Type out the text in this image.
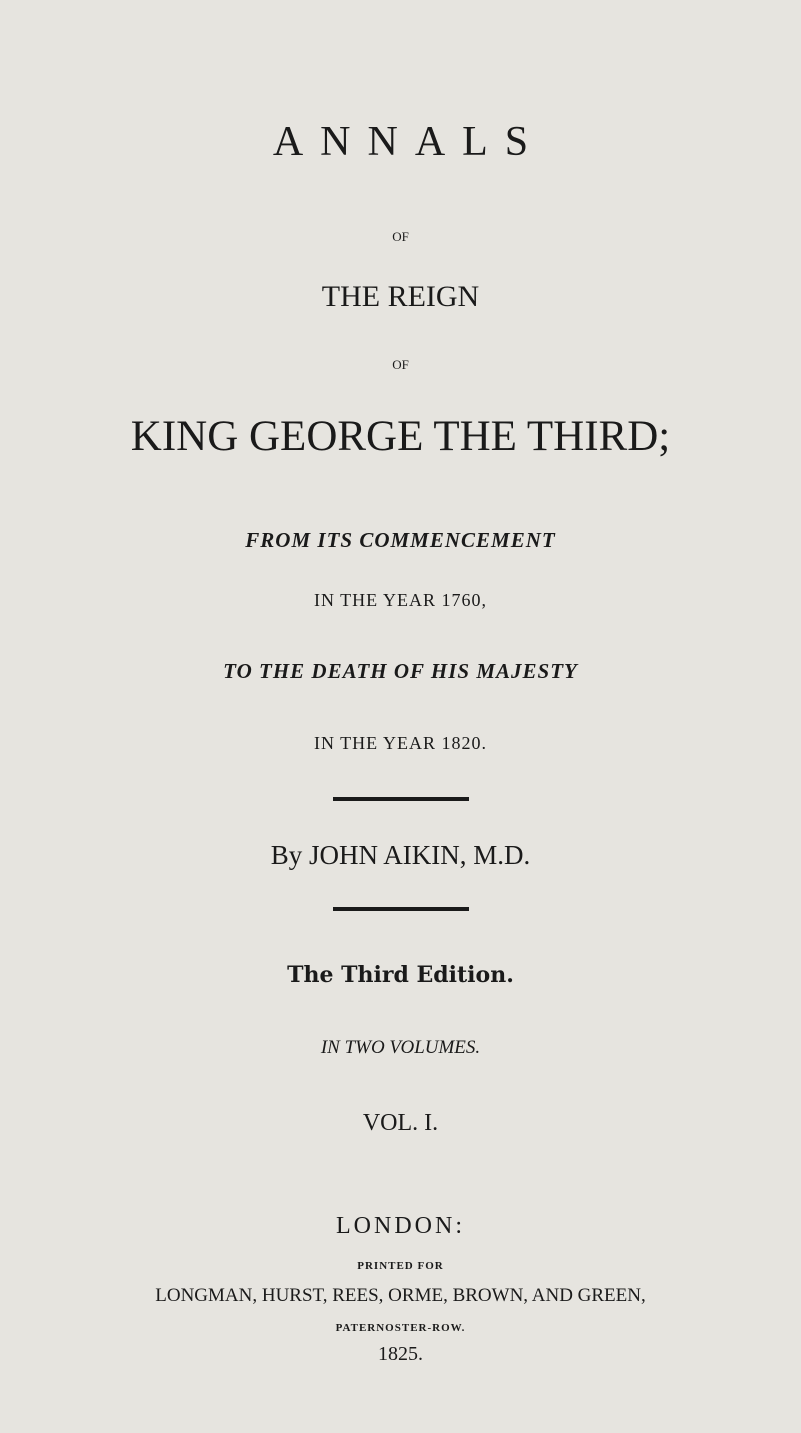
ANNALS
OF
THE REIGN
OF
KING GEORGE THE THIRD;
FROM ITS COMMENCEMENT
IN THE YEAR 1760,
TO THE DEATH OF HIS MAJESTY
IN THE YEAR 1820.
By JOHN AIKIN, M.D.
The Third Edition.
IN TWO VOLUMES.
VOL. I.
LONDON:
PRINTED FOR
LONGMAN, HURST, REES, ORME, BROWN, AND GREEN,
PATERNOSTER-ROW.
1825.
